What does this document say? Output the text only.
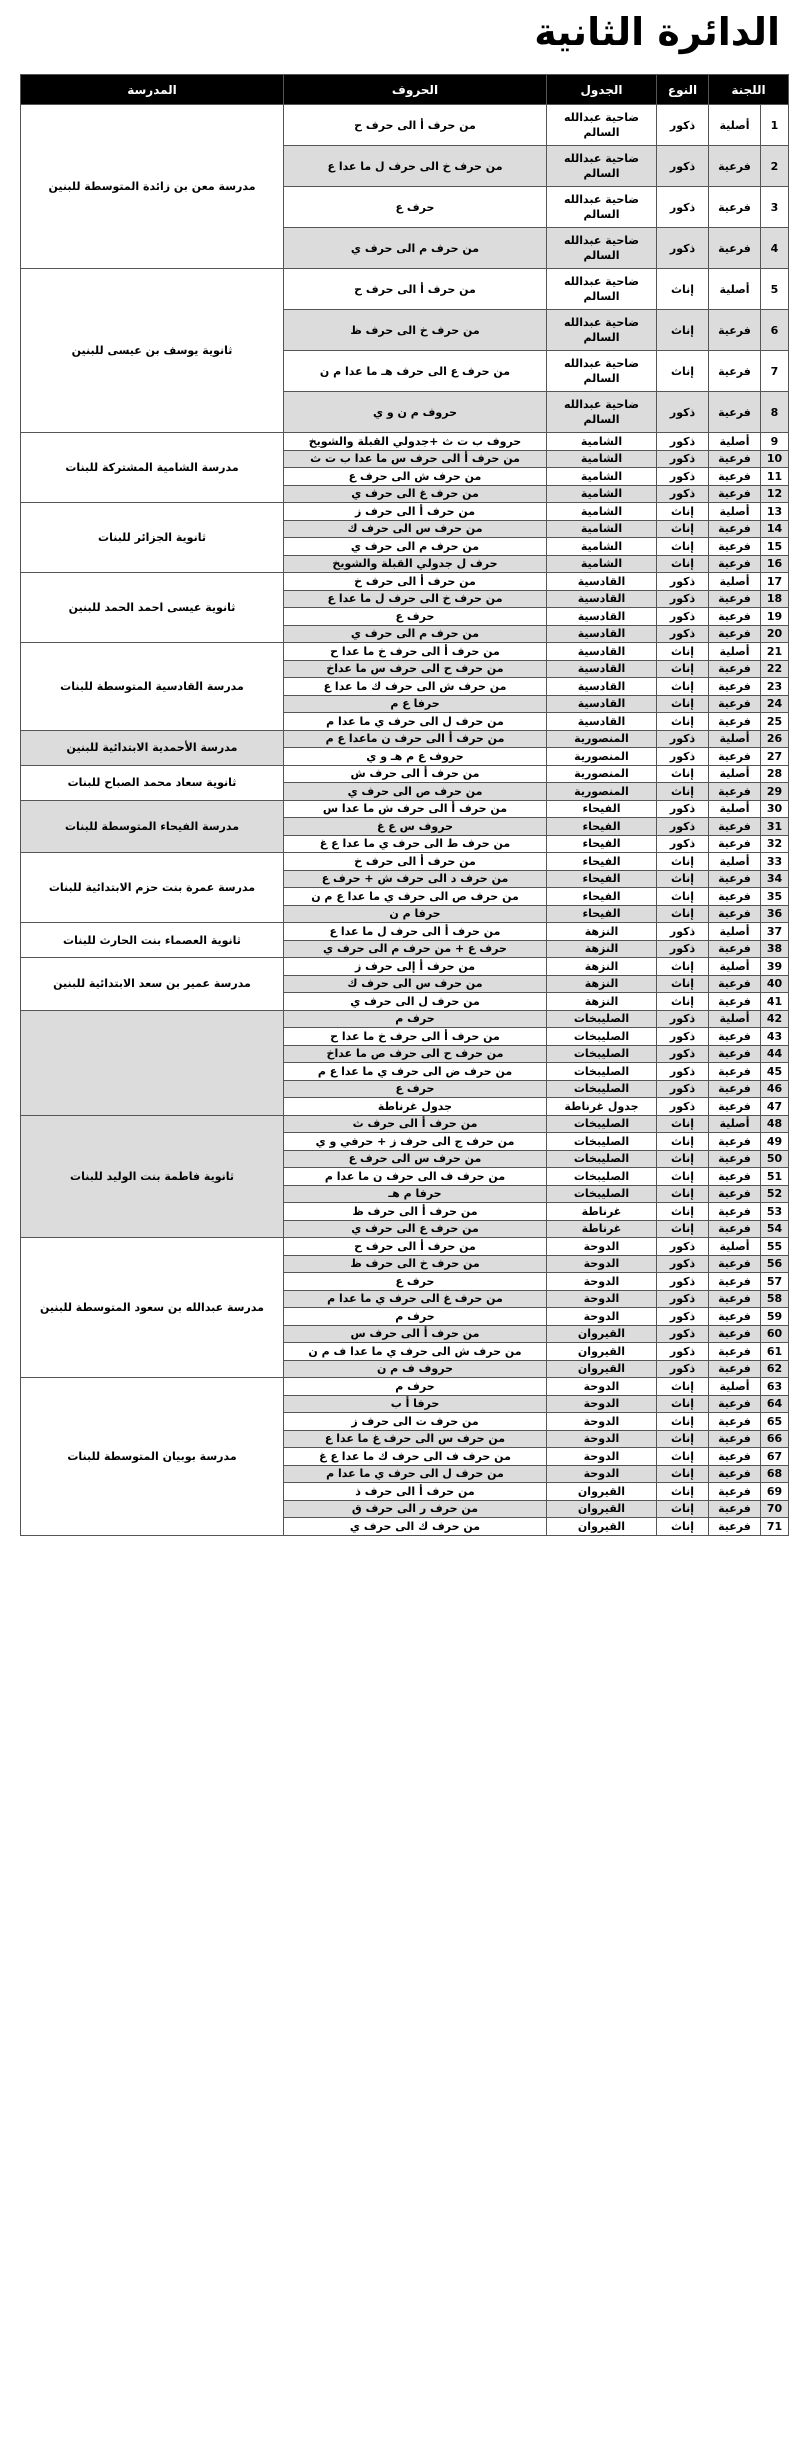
الدائرة الثانية
اللجنة		النوع	الجدول	الحروف	المدرسة
1	أصلية	ذكور	ضاحية عبدالله السالم	من حرف أ الى حرف ح	مدرسة معن بن زائدة المتوسطة للبنين
2	فرعية	ذكور	ضاحية عبدالله السالم	من حرف خ الى حرف ل ما عدا ع	
3	فرعية	ذكور	ضاحية عبدالله السالم	حرف ع	
4	فرعية	ذكور	ضاحية عبدالله السالم	من حرف م الى حرف ي	
5	أصلية	إناث	ضاحية عبدالله السالم	من حرف أ الى حرف ح	ثانوية يوسف بن عيسى للبنين
6	فرعية	إناث	ضاحية عبدالله السالم	من حرف خ الى حرف ظ	
7	فرعية	إناث	ضاحية عبدالله السالم	من حرف ع الى حرف هـ ما عدا م ن	
8	فرعية	ذكور	ضاحية عبدالله السالم	حروف م ن و ي	
9	أصلية	ذكور	الشامية	حروف ب ت ث +جدولي القبلة والشويخ	مدرسة الشامية المشتركة للبنات
10	فرعية	ذكور	الشامية	من حرف أ الى حرف س ما عدا ب ت ث	
11	فرعية	ذكور	الشامية	من حرف ش الى حرف ع	
12	فرعية	ذكور	الشامية	من حرف غ الى حرف ي	
13	أصلية	إناث	الشامية	من حرف أ الى حرف ز	ثانوية الجزائر للبنات
14	فرعية	إناث	الشامية	من حرف س الى حرف ك	
15	فرعية	إناث	الشامية	من حرف م الى حرف ي	
16	فرعية	إناث	الشامية	حرف ل جدولي القبلة والشويخ	
17	أصلية	ذكور	القادسية	من حرف أ الى حرف خ	ثانوية عيسى احمد الحمد للبنين
18	فرعية	ذكور	القادسية	من حرف خ الى حرف ل ما عدا ع	
19	فرعية	ذكور	القادسية	حرف ع	
20	فرعية	ذكور	القادسية	من حرف م الى حرف ي	
21	أصلية	إناث	القادسية	من حرف أ الى حرف خ ما عدا ح	مدرسة القادسية المتوسطة للبنات
22	فرعية	إناث	القادسية	من حرف ح الى حرف س ما عداخ	
23	فرعية	إناث	القادسية	من حرف ش الى حرف ك ما عدا ع	
24	فرعية	إناث	القادسية	حرفا ع م	
25	فرعية	إناث	القادسية	من حرف ل الى حرف ي ما عدا م	
26	أصلية	ذكور	المنصورية	من حرف أ الى حرف ن ماعدا ع م	مدرسة الأحمدية الابتدائية للبنين
27	فرعية	ذكور	المنصورية	حروف ع م هـ و ي	
28	أصلية	إناث	المنصورية	من حرف أ الى حرف ش	ثانوية سعاد محمد الصباح للبنات
29	فرعية	إناث	المنصورية	من حرف ص الى حرف ي	
30	أصلية	ذكور	الفيحاء	من حرف أ الى حرف ش ما عدا س	مدرسة الفيحاء المتوسطة للبنات
31	فرعية	ذكور	الفيحاء	حروف س ع غ	
32	فرعية	ذكور	الفيحاء	من حرف ط الى حرف ي ما عدا ع غ	
33	أصلية	إناث	الفيحاء	من حرف أ الى حرف خ	مدرسة عمرة بنت حزم الابتدائية للبنات
34	فرعية	إناث	الفيحاء	من حرف د الى حرف ش + حرف ع	
35	فرعية	إناث	الفيحاء	من حرف ص الى حرف ي ما عدا ع م ن	
36	فرعية	إناث	الفيحاء	حرفا م ن	
37	أصلية	ذكور	النزهة	من حرف أ الى حرف ل ما عدا ع	ثانوية العصماء بنت الحارث للبنات
38	فرعية	ذكور	النزهة	حرف ع + من حرف م الى حرف ي	
39	أصلية	إناث	النزهة	من حرف أ إلى حرف ز	مدرسة عمير بن سعد الابتدائية للبنين
40	فرعية	إناث	النزهة	من حرف س الى حرف ك	
41	فرعية	إناث	النزهة	من حرف ل الى حرف ي	
42	أصلية	ذكور	الصليبخات	حرف م	
43	فرعية	ذكور	الصليبخات	من حرف أ الى حرف خ ما عدا ح	
44	فرعية	ذكور	الصليبخات	من حرف ح الى حرف ص ما عداخ	
45	فرعية	ذكور	الصليبخات	من حرف ض الى حرف ي ما عدا ع م	
46	فرعية	ذكور	الصليبخات	حرف ع	
47	فرعية	ذكور	جدول غرناطة	جدول غرناطة	
48	أصلية	إناث	الصليبخات	من حرف أ الى حرف ث	ثانوية فاطمة بنت الوليد للبنات
49	فرعية	إناث	الصليبخات	من حرف ج الى حرف ز + حرفي و ي	
50	فرعية	إناث	الصليبخات	من حرف س الى حرف ع	
51	فرعية	إناث	الصليبخات	من حرف ف الى حرف ن ما عدا م	
52	فرعية	إناث	الصليبخات	حرفا م هـ	
53	فرعية	إناث	غرناطة	من حرف أ الى حرف ظ	
54	فرعية	إناث	غرناطة	من حرف ع الى حرف ي	
55	أصلية	ذكور	الدوحة	من حرف أ الى حرف ح	مدرسة عبدالله بن سعود المتوسطة للبنين
56	فرعية	ذكور	الدوحة	من حرف خ الى حرف ظ	
57	فرعية	ذكور	الدوحة	حرف ع	
58	فرعية	ذكور	الدوحة	من حرف غ الى حرف ي ما عدا م	
59	فرعية	ذكور	الدوحة	حرف م	
60	فرعية	ذكور	القيروان	من حرف أ الى حرف س	
61	فرعية	ذكور	القيروان	من حرف ش الى حرف ي ما عدا ف م ن	
62	فرعية	ذكور	القيروان	حروف ف م ن	
63	أصلية	إناث	الدوحة	حرف م	مدرسة بوبيان المتوسطة للبنات
64	فرعية	إناث	الدوحة	حرفا أ ب	
65	فرعية	إناث	الدوحة	من حرف ت الى حرف ز	
66	فرعية	إناث	الدوحة	من حرف س الى حرف غ ما عدا ع	
67	فرعية	إناث	الدوحة	من حرف ف الى حرف ك ما عدا ع غ	
68	فرعية	إناث	الدوحة	من حرف ل الى حرف ي ما عدا م	
69	فرعية	إناث	القيروان	من حرف أ الى حرف ذ	
70	فرعية	إناث	القيروان	من حرف ر الى حرف ق	
71	فرعية	إناث	القيروان	من حرف ك الى حرف ي	
